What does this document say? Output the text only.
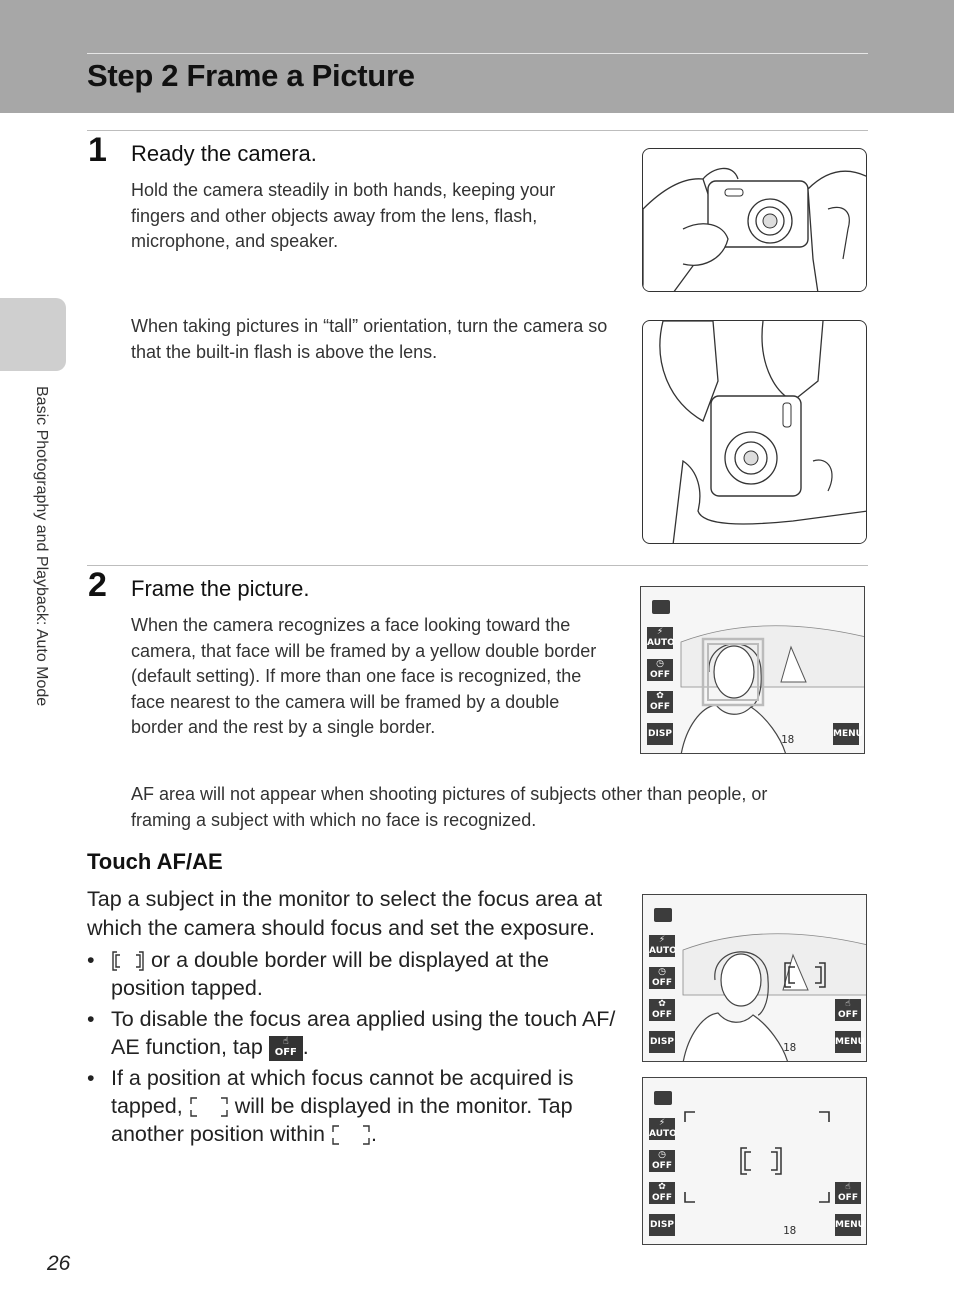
Step 2 Frame a Picture
Basic Photography and Playback: Auto Mode
1 Ready the camera.
Hold the camera steadily in both hands, keeping your fingers and other objects away from the lens, flash, microphone, and speaker.
When taking pictures in “tall” orientation, turn the camera so that the built-in flash is above the lens.
2 Frame the picture.
When the camera recognizes a face looking toward the camera, that face will be framed by a yellow double border (default setting). If more than one face is recognized, the face nearest to the camera will be framed by a double border and the rest by a single border.
AF area will not appear when shooting pictures of subjects other than people, or framing a subject with which no face is recognized.
⚡
AUTO
◷
OFF
✿
OFF
DISP	MENU
18
Touch AF/AE
Tap a subject in the monitor to select the focus area at which the camera should focus and set the exposure.
•	or a double border will be displayed at the
position tapped.
• To disable the focus area applied using the touch AF/
AE function, tap ☝
OFF .
• If a position at which focus cannot be acquired is
tapped, will be displayed in the monitor. Tap
another position within .
⚡
AUTO
◷
OFF
✿
OFF
DISP
☝
OFF
MENU
18
⚡
AUTO
◷
OFF
✿
OFF
DISP
☝
OFF
MENU
18
26
